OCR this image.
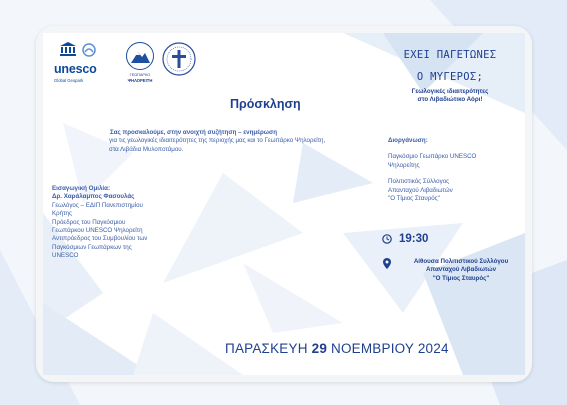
unesco
Global Geopark
ΓΕΩΠΑΡΚΟ
ΨΗΛΟΡΕΙΤΗ
ΕΧΕΙ ΠΑΓΕΤΩΝΕΣ
Ο ΜΥΓΕΡΟΣ;
Γεωλογικές ιδιαιτερότητες
στο Λιβαδιώτικο Αόρι!
Πρόσκληση
Σας προσκαλούμε, στην ανοιχτή συζήτηση – ενημέρωση
για τις γεωλογικές ιδιαιτερότητες της περιοχής μας και το Γεωπάρκο Ψηλορείτη,
στα Λιβάδια Μυλοποτάμου.
Εισαγωγική Ομιλία:
Δρ. Χαράλαμπος Φασουλάς
Γεωλόγος – ΕΔΙΠ Πανεπιστημίου
Κρήτης
Πρόεδρος του Παγκόσμιου
Γεωπάρκου UNESCO Ψηλορείτη
Αντιπρόεδρος του Συμβουλίου των
Παγκόσμιων Γεωπάρκων της
UNESCO
Διοργάνωση:
Παγκόσμιο Γεωπάρκο UNESCO
Ψηλορείτης
Πολιτιστικός Σύλλογος
Απανταχού Λιβαδιωτών
"Ο Τίμιος Σταυρός"
19:30
Αίθουσα Πολιτιστικού Συλλόγου
Απανταχού Λιβαδιωτών
"Ο Τίμιος Σταυρός"
ΠΑΡΑΣΚΕΥΗ 29 ΝΟΕΜΒΡΙΟΥ 2024
